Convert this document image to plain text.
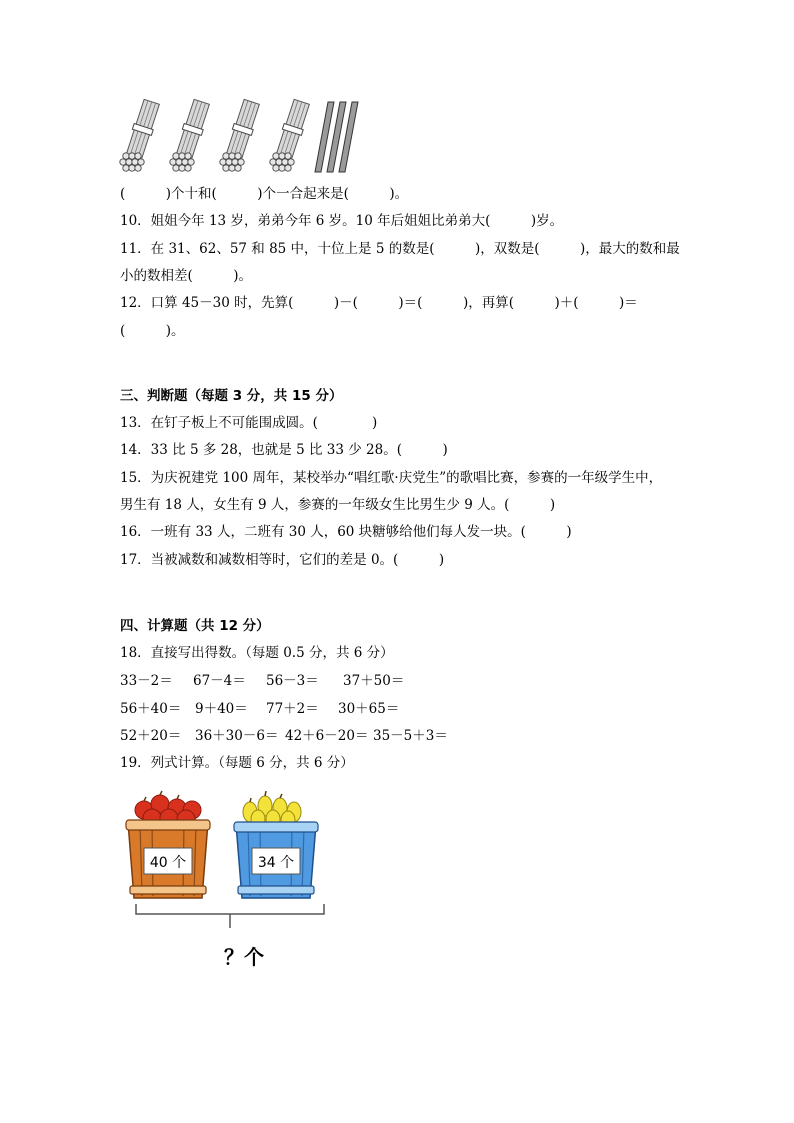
(　　　)个十和(　　　)个一合起来是(　　　)。
10．姐姐今年 13 岁，弟弟今年 6 岁。10 年后姐姐比弟弟大(　　　)岁。
11．在 31、62、57 和 85 中，十位上是 5 的数是(　　　)，双数是(　　　)，最大的数和最
小的数相差(　　　)。
12．口算 45－30 时，先算(　　　)－(　　　)＝(　　　)，再算(　　　)＋(　　　)＝
(　　　)。
三、判断题（每题 3 分，共 15 分）
13．在钉子板上不可能围成圆。(　　　　)
14．33 比 5 多 28，也就是 5 比 33 少 28。(　　　)
15．为庆祝建党 100 周年，某校举办“唱红歌·庆党生”的歌唱比赛，参赛的一年级学生中，
男生有 18 人，女生有 9 人，参赛的一年级女生比男生少 9 人。(　　　)
16．一班有 33 人，二班有 30 人，60 块糖够给他们每人发一块。(　　　)
17．当被减数和减数相等时，它们的差是 0。(　　　)
四、计算题（共 12 分）
18．直接写出得数。（每题 0.5 分，共 6 分）
33－2＝ 67－4＝ 56－3＝ 37＋50＝
56＋40＝ 9＋40＝ 77＋2＝ 30＋65＝
52＋20＝ 36＋30－6＝ 42＋6－20＝ 35－5＋3＝
19．列式计算。（每题 6 分，共 6 分）
40 个	34 个
？个
